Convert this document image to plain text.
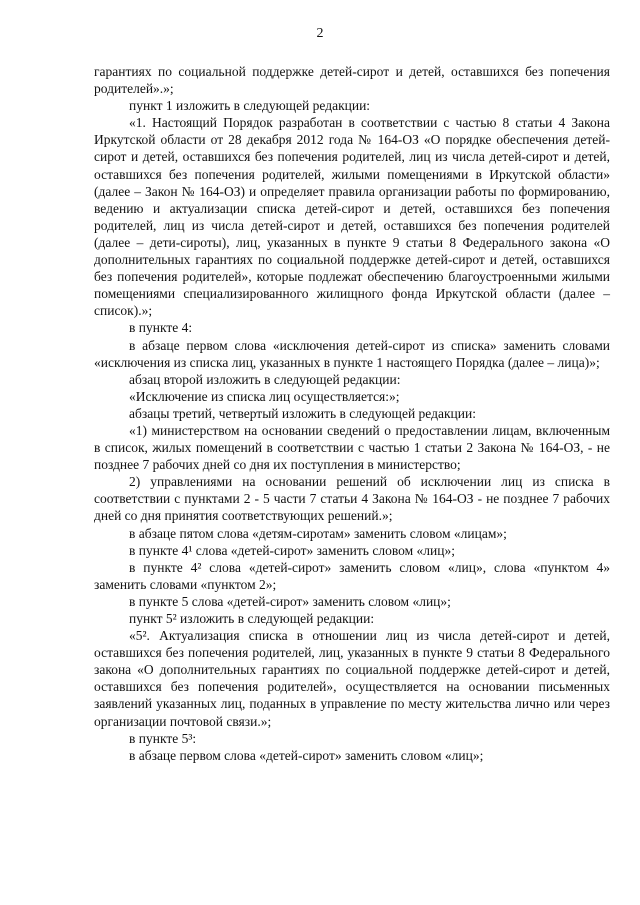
2

гарантиях по социальной поддержке детей-сирот и детей, оставшихся без попечения родителей».»;

пункт 1 изложить в следующей редакции:

«1. Настоящий Порядок разработан в соответствии с частью 8 статьи 4 Закона Иркутской области от 28 декабря 2012 года № 164-ОЗ «О порядке обеспечения детей-сирот и детей, оставшихся без попечения родителей, лиц из числа детей-сирот и детей, оставшихся без попечения родителей, жилыми помещениями в Иркутской области» (далее – Закон № 164-ОЗ) и определяет правила организации работы по формированию, ведению и актуализации списка детей-сирот и детей, оставшихся без попечения родителей, лиц из числа детей-сирот и детей, оставшихся без попечения родителей (далее – дети-сироты), лиц, указанных в пункте 9 статьи 8 Федерального закона «О дополнительных гарантиях по социальной поддержке детей-сирот и детей, оставшихся без попечения родителей», которые подлежат обеспечению благоустроенными жилыми помещениями специализированного жилищного фонда Иркутской области (далее – список).»;

в пункте 4:

в абзаце первом слова «исключения детей-сирот из списка» заменить словами «исключения из списка лиц, указанных в пункте 1 настоящего Порядка (далее – лица)»;

абзац второй изложить в следующей редакции:

«Исключение из списка лиц осуществляется:»;

абзацы третий, четвертый изложить в следующей редакции:

«1) министерством на основании сведений о предоставлении лицам, включенным в список, жилых помещений в соответствии с частью 1 статьи 2 Закона № 164-ОЗ, - не позднее 7 рабочих дней со дня их поступления в министерство;

2) управлениями на основании решений об исключении лиц из списка в соответствии с пунктами 2 - 5 части 7 статьи 4 Закона № 164-ОЗ - не позднее 7 рабочих дней со дня принятия соответствующих решений.»;

в абзаце пятом слова «детям-сиротам» заменить словом «лицам»;

в пункте 4¹ слова «детей-сирот» заменить словом «лиц»;

в пункте 4² слова «детей-сирот» заменить словом «лиц», слова «пунктом 4» заменить словами «пунктом 2»;

в пункте 5 слова «детей-сирот» заменить словом «лиц»;

пункт 5² изложить в следующей редакции:

«5². Актуализация списка в отношении лиц из числа детей-сирот и детей, оставшихся без попечения родителей, лиц, указанных в пункте 9 статьи 8 Федерального закона «О дополнительных гарантиях по социальной поддержке детей-сирот и детей, оставшихся без попечения родителей», осуществляется на основании письменных заявлений указанных лиц, поданных в управление по месту жительства лично или через организации почтовой связи.»;

в пункте 5³:

в абзаце первом слова «детей-сирот» заменить словом «лиц»;
